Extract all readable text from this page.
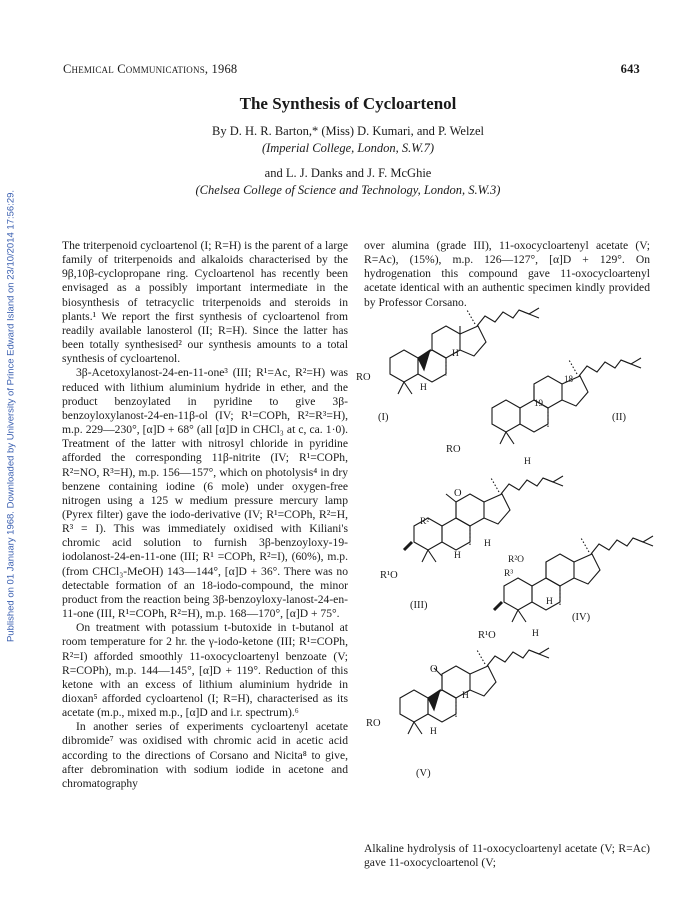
Published on 01 January 1968. Downloaded by University of Prince Edward Island on 23/10/2014 17:56:29.
Chemical Communications, 1968	643
The Synthesis of Cycloartenol
By D. H. R. Barton,* (Miss) D. Kumari, and P. Welzel
(Imperial College, London, S.W.7)
and L. J. Danks and J. F. McGhie
(Chelsea College of Science and Technology, London, S.W.3)

The triterpenoid cycloartenol (I; R=H) is the parent of a large family of triterpenoids and alkaloids characterised by the 9β,10β-cyclopropane ring. Cycloartenol has recently been envisaged as a possibly important intermediate in the biosynthesis of tetracyclic triterpenoids and steroids in plants.¹ We report the first synthesis of cycloartenol from readily available lanosterol (II; R=H). Since the latter has been totally synthesised² our synthesis amounts to a total synthesis of cycloartenol.

3β-Acetoxylanost-24-en-11-one³ (III; R¹=Ac, R²=H) was reduced with lithium aluminium hydride in ether, and the product benzoylated in pyridine to give 3β-benzoyloxylanost-24-en-11β-ol (IV; R¹=COPh, R²=R³=H), m.p. 229—230°, [α]D + 68° (all [α]D in CHCl₃ at c, ca. 1·0). Treatment of the latter with nitrosyl chloride in pyridine afforded the corresponding 11β-nitrite (IV; R¹=COPh, R²=NO, R³=H), m.p. 156—157°, which on photolysis⁴ in dry benzene containing iodine (6 mole) under oxygen-free nitrogen using a 125 w medium pressure mercury lamp (Pyrex filter) gave the iodo-derivative (IV; R¹=COPh, R²=H, R³ = I). This was immediately oxidised with Kiliani's chromic acid solution to furnish 3β-benzoyloxy-19-iodolanost-24-en-11-one (III; R¹ =COPh, R²=I), (60%), m.p. (from CHCl₃-MeOH) 143—144°, [α]D + 36°. There was no detectable formation of an 18-iodo-compound, the minor product from the reaction being 3β-benzoyloxy-lanost-24-en-11-one (III, R¹=COPh, R²=H), m.p. 168—170°, [α]D + 75°.

On treatment with potassium t-butoxide in t-butanol at room temperature for 2 hr. the γ-iodo-ketone (III; R¹=COPh, R²=I) afforded smoothly 11-oxocycloartenyl benzoate (V; R=COPh), m.p. 144—145°, [α]D + 119°. Reduction of this ketone with an excess of lithium aluminium hydride in dioxan⁵ afforded cycloartenol (I; R=H), characterised as its acetate (m.p., mixed m.p., [α]D and i.r. spectrum).⁶

In another series of experiments cycloartenyl acetate dibromide⁷ was oxidised with chromic acid in acetic acid according to the directions of Corsano and Nicita⁸ to give, after debromination with sodium iodide in acetone and chromatography

over alumina (grade III), 11-oxocycloartenyl acetate (V; R=Ac), (15%), m.p. 126—127°, [α]D + 129°. On hydrogenation this compound gave 11-oxocycloartenyl acetate identical with an authentic specimen kindly provided by Professor Corsano.

RO
H
H
(I)
18
19
RO
H
(II)
R²
O
R¹O
H
H
(III)
R²O
R³
R¹O
H
H
(IV)
O
RO
H
H
(V)

Alkaline hydrolysis of 11-oxocycloartenyl acetate (V; R=Ac) gave 11-oxocycloartenol (V;
